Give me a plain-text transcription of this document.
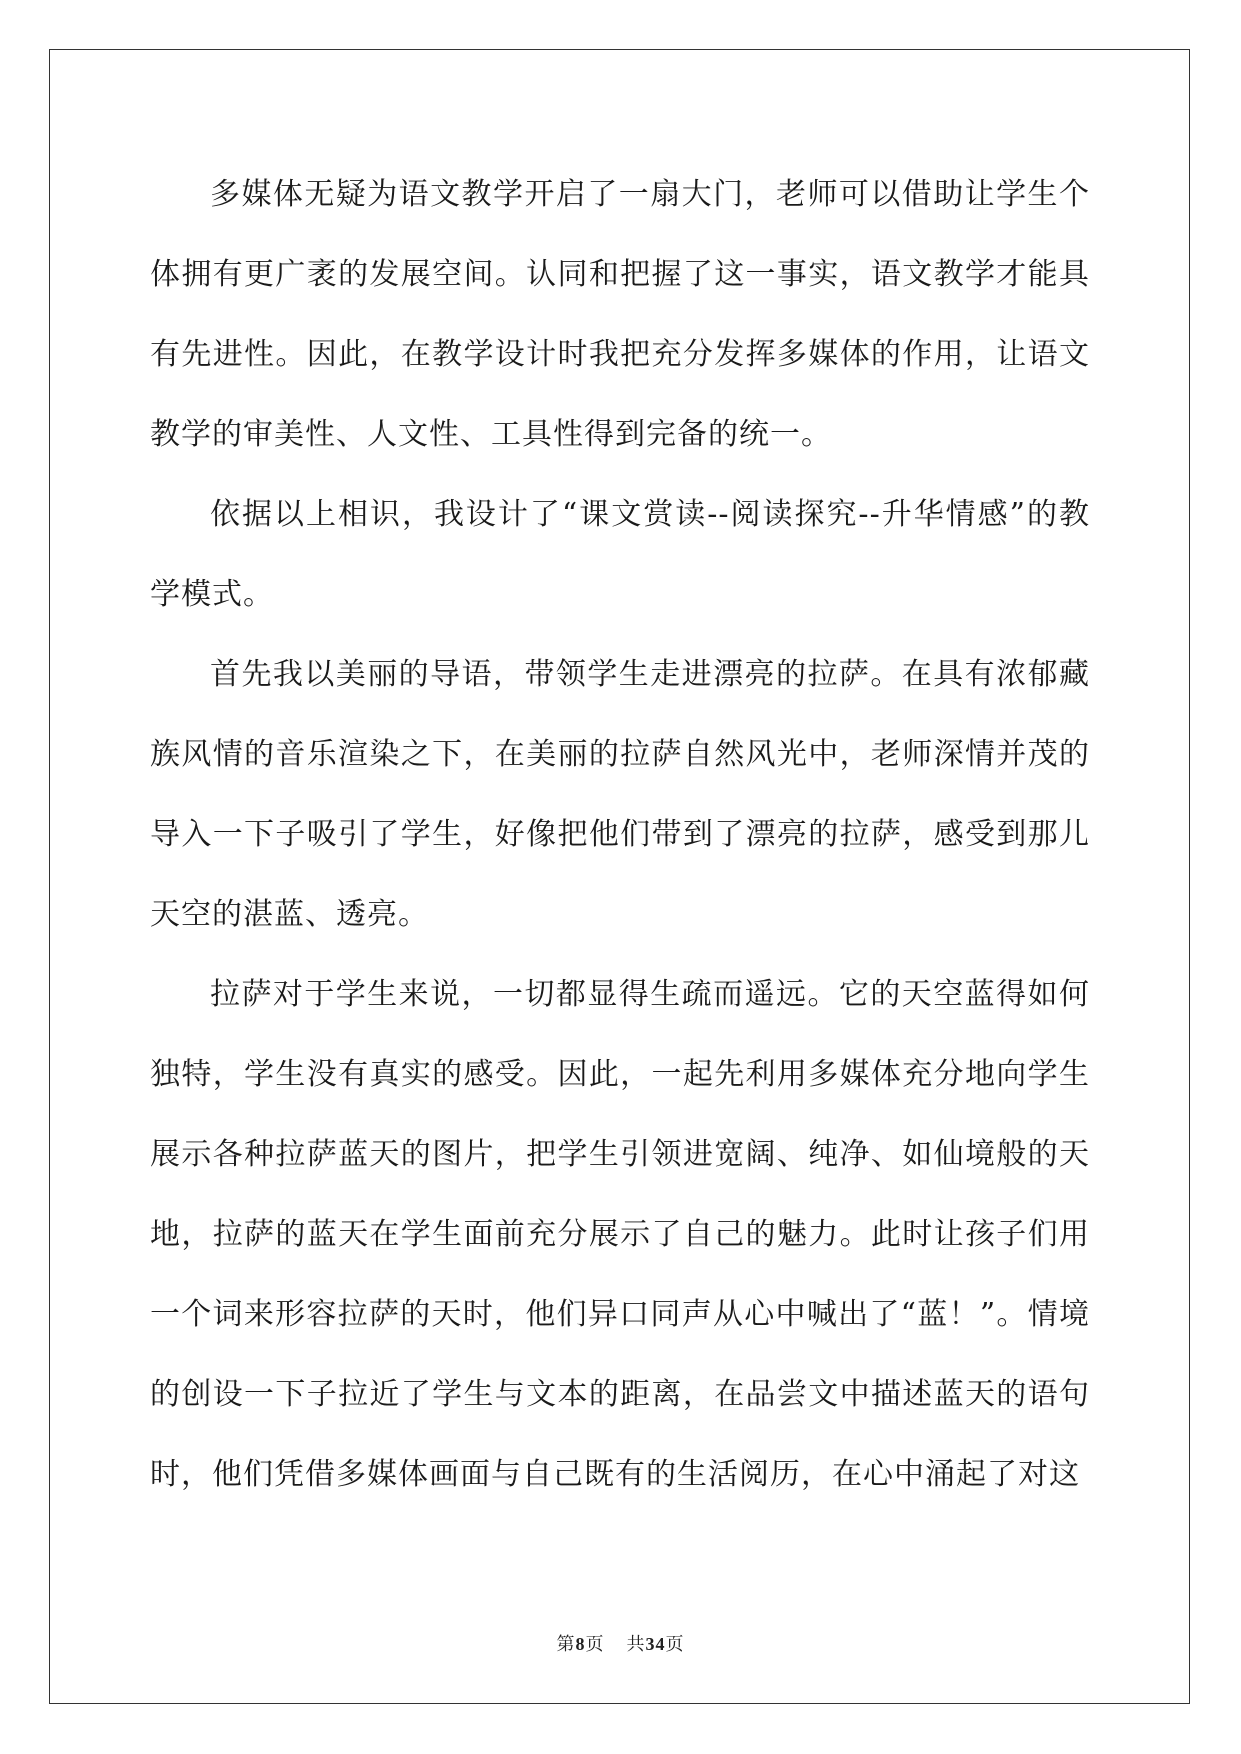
多媒体无疑为语文教学开启了一扇大门，老师可以借助让学生个体拥有更广袤的发展空间。认同和把握了这一事实，语文教学才能具有先进性。因此，在教学设计时我把充分发挥多媒体的作用，让语文教学的审美性、人文性、工具性得到完备的统一。

依据以上相识，我设计了“课文赏读--阅读探究--升华情感”的教学模式。

首先我以美丽的导语，带领学生走进漂亮的拉萨。在具有浓郁藏族风情的音乐渲染之下，在美丽的拉萨自然风光中，老师深情并茂的导入一下子吸引了学生，好像把他们带到了漂亮的拉萨，感受到那儿天空的湛蓝、透亮。

拉萨对于学生来说，一切都显得生疏而遥远。它的天空蓝得如何独特，学生没有真实的感受。因此，一起先利用多媒体充分地向学生展示各种拉萨蓝天的图片，把学生引领进宽阔、纯净、如仙境般的天地，拉萨的蓝天在学生面前充分展示了自己的魅力。此时让孩子们用一个词来形容拉萨的天时，他们异口同声从心中喊出了“蓝！”。情境的创设一下子拉近了学生与文本的距离，在品尝文中描述蓝天的语句时，他们凭借多媒体画面与自己既有的生活阅历，在心中涌起了对这

第8页 共34页
